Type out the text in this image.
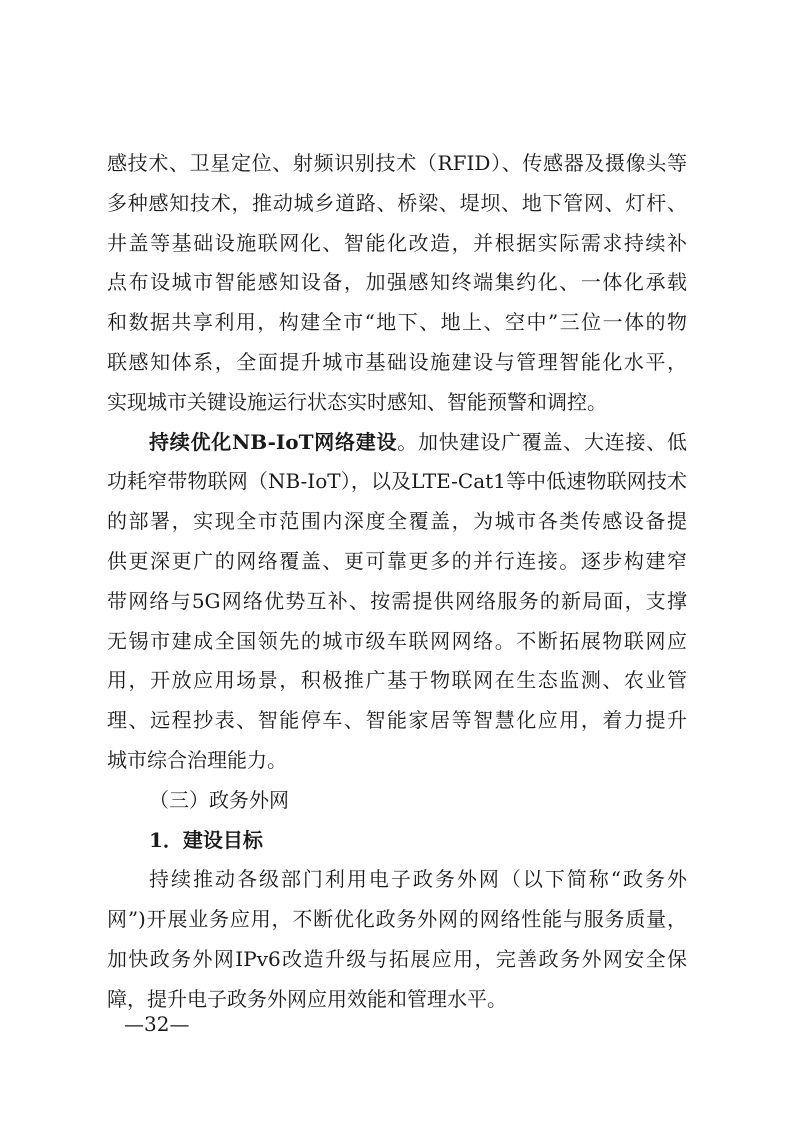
感技术、卫星定位、射频识别技术（RFID）、传感器及摄像头等
多种感知技术，推动城乡道路、桥梁、堤坝、地下管网、灯杆、
井盖等基础设施联网化、智能化改造，并根据实际需求持续补
点布设城市智能感知设备，加强感知终端集约化、一体化承载
和数据共享利用，构建全市“地下、地上、空中”三位一体的物
联感知体系，全面提升城市基础设施建设与管理智能化水平，
实现城市关键设施运行状态实时感知、智能预警和调控。
持续优化NB-IoT网络建设。加快建设广覆盖、大连接、低
功耗窄带物联网（NB-IoT），以及LTE-Cat1等中低速物联网技术
的部署，实现全市范围内深度全覆盖，为城市各类传感设备提
供更深更广的网络覆盖、更可靠更多的并行连接。逐步构建窄
带网络与5G网络优势互补、按需提供网络服务的新局面，支撑
无锡市建成全国领先的城市级车联网网络。不断拓展物联网应
用，开放应用场景，积极推广基于物联网在生态监测、农业管
理、远程抄表、智能停车、智能家居等智慧化应用，着力提升
城市综合治理能力。
（三）政务外网
1．建设目标
持续推动各级部门利用电子政务外网（以下简称“政务外
网”)开展业务应用，不断优化政务外网的网络性能与服务质量，
加快政务外网IPv6改造升级与拓展应用，完善政务外网安全保
障，提升电子政务外网应用效能和管理水平。
—32—
